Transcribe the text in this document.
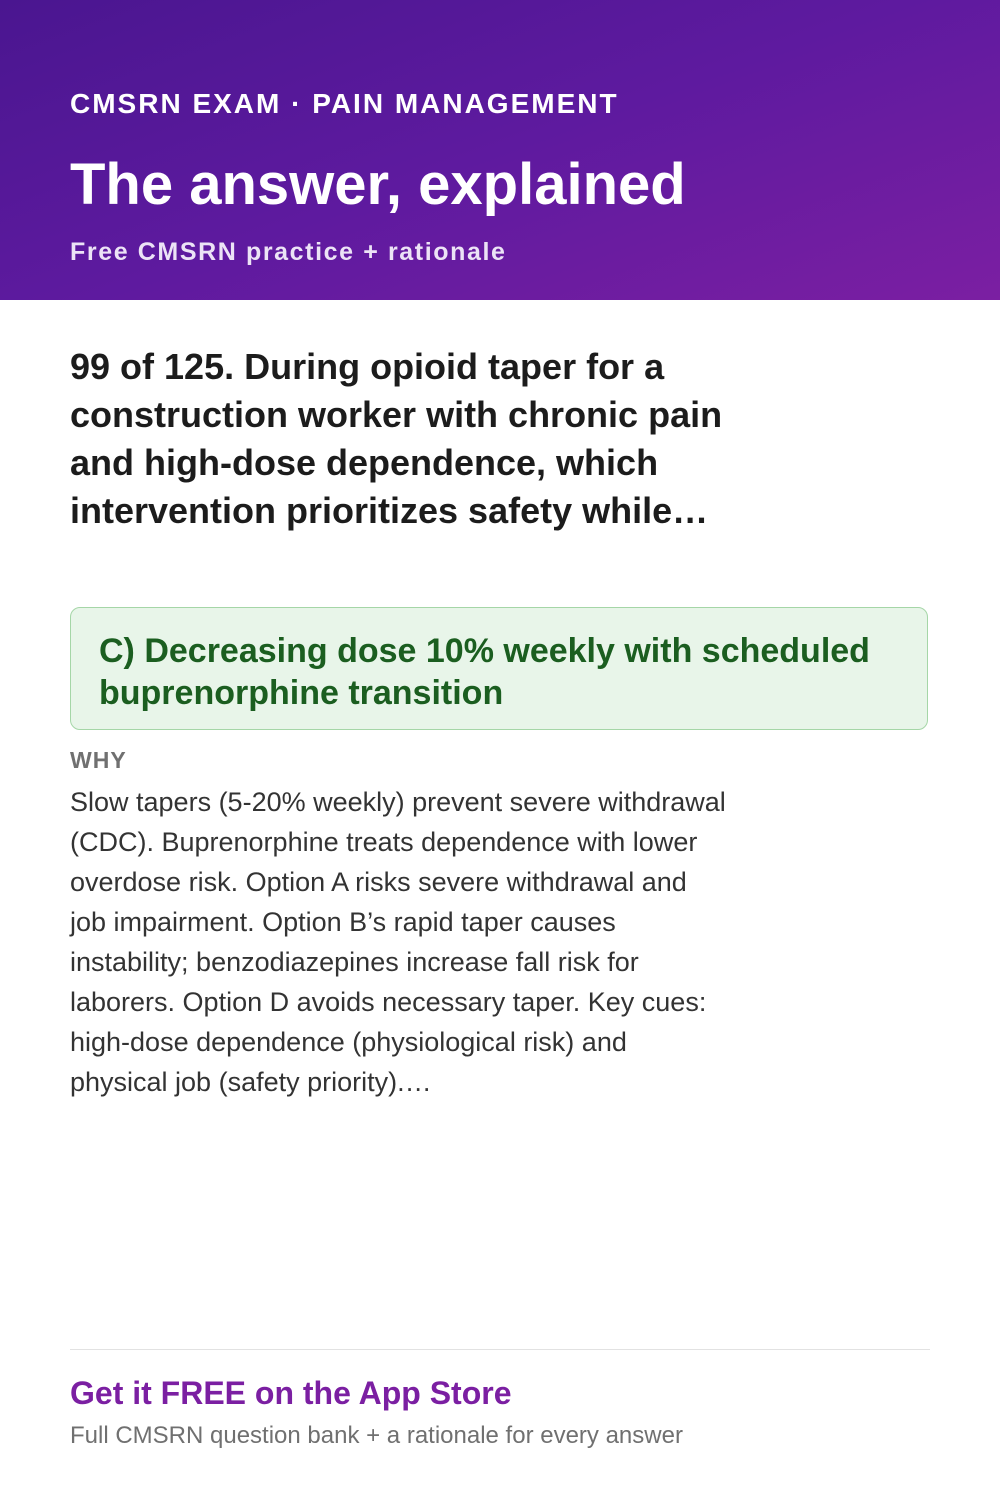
CMSRN EXAM · PAIN MANAGEMENT
The answer, explained
Free CMSRN practice + rationale
99 of 125. During opioid taper for a construction worker with chronic pain and high-dose dependence, which intervention prioritizes safety while…
C) Decreasing dose 10% weekly with scheduled buprenorphine transition
WHY
Slow tapers (5-20% weekly) prevent severe withdrawal (CDC). Buprenorphine treats dependence with lower overdose risk. Option A risks severe withdrawal and job impairment. Option B’s rapid taper causes instability; benzodiazepines increase fall risk for laborers. Option D avoids necessary taper. Key cues: high-dose dependence (physiological risk) and physical job (safety priority).…
Get it FREE on the App Store
Full CMSRN question bank + a rationale for every answer
